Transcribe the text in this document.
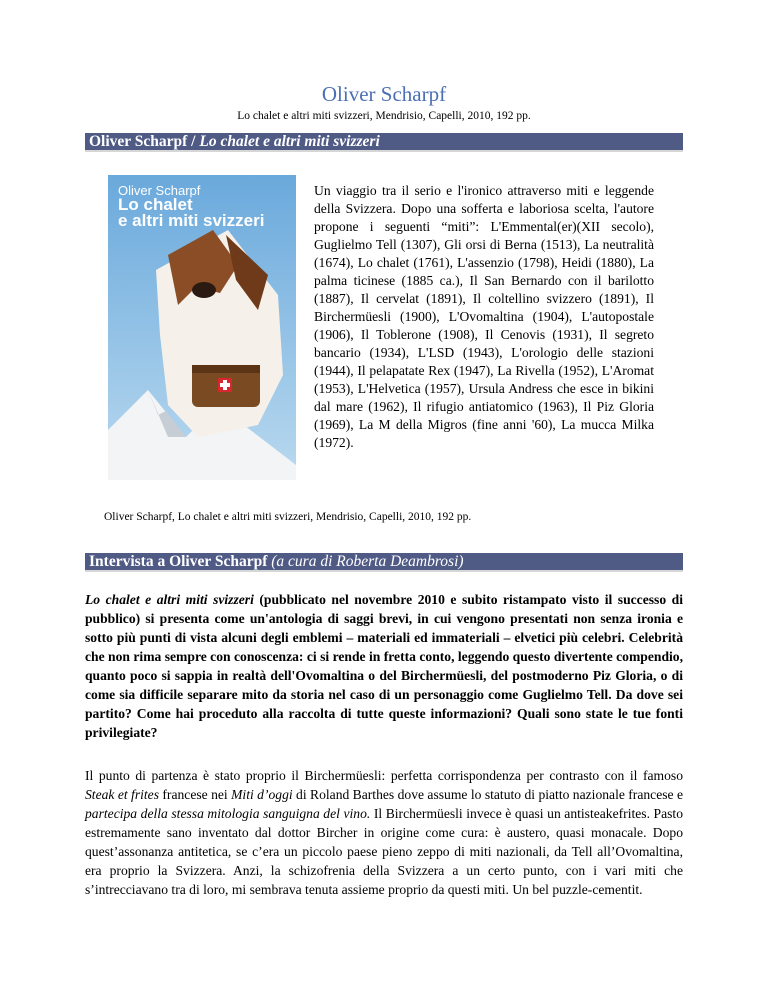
Oliver Scharpf
Lo chalet e altri miti svizzeri, Mendrisio, Capelli, 2010, 192 pp.
Oliver Scharpf / Lo chalet e altri miti svizzeri
Oliver Scharpf
Lo chalet
e altri miti svizzeri
Un viaggio tra il serio e l'ironico attraverso miti e leggende della Svizzera. Dopo una sofferta e laboriosa scelta, l'autore propone i seguenti “miti”: L'Emmental(er)(XII secolo), Guglielmo Tell (1307), Gli orsi di Berna (1513), La neutralità (1674), Lo chalet (1761), L'assenzio (1798), Heidi (1880), La palma ticinese (1885 ca.), Il San Bernardo con il barilotto (1887), Il cervelat (1891), Il coltellino svizzero (1891), Il Birchermüesli (1900), L'Ovomaltina (1904), L'autopostale (1906), Il Toblerone (1908), Il Cenovis (1931), Il segreto bancario (1934), L'LSD (1943), L'orologio delle stazioni (1944), Il pelapatate Rex (1947), La Rivella (1952), L'Aromat (1953), L'Helvetica (1957), Ursula Andress che esce in bikini dal mare (1962), Il rifugio antiatomico (1963), Il Piz Gloria (1969), La M della Migros (fine anni '60), La mucca Milka (1972).
Oliver Scharpf, Lo chalet e altri miti svizzeri, Mendrisio, Capelli, 2010, 192 pp.
Intervista a Oliver Scharpf (a cura di Roberta Deambrosi)
Lo chalet e altri miti svizzeri (pubblicato nel novembre 2010 e subito ristampato visto il successo di pubblico) si presenta come un'antologia di saggi brevi, in cui vengono presentati non senza ironia e sotto più punti di vista alcuni degli emblemi – materiali ed immateriali – elvetici più celebri. Celebrità che non rima sempre con conoscenza: ci si rende in fretta conto, leggendo questo divertente compendio, quanto poco si sappia in realtà dell'Ovomaltina o del Birchermüesli, del postmoderno Piz Gloria, o di come sia difficile separare mito da storia nel caso di un personaggio come Guglielmo Tell. Da dove sei partito? Come hai proceduto alla raccolta di tutte queste informazioni? Quali sono state le tue fonti privilegiate?
Il punto di partenza è stato proprio il Birchermüesli: perfetta corrispondenza per contrasto con il famoso Steak et frites francese nei Miti d’oggi di Roland Barthes dove assume lo statuto di piatto nazionale francese e partecipa della stessa mitologia sanguigna del vino. Il Birchermüesli invece è quasi un antisteakefrites. Pasto estremamente sano inventato dal dottor Bircher in origine come cura: è austero, quasi monacale. Dopo quest’assonanza antitetica, se c’era un piccolo paese pieno zeppo di miti nazionali, da Tell all’Ovomaltina, era proprio la Svizzera. Anzi, la schizofrenia della Svizzera a un certo punto, con i vari miti che s’intrecciavano tra di loro, mi sembrava tenuta assieme proprio da questi miti. Un bel puzzle-cementit.
